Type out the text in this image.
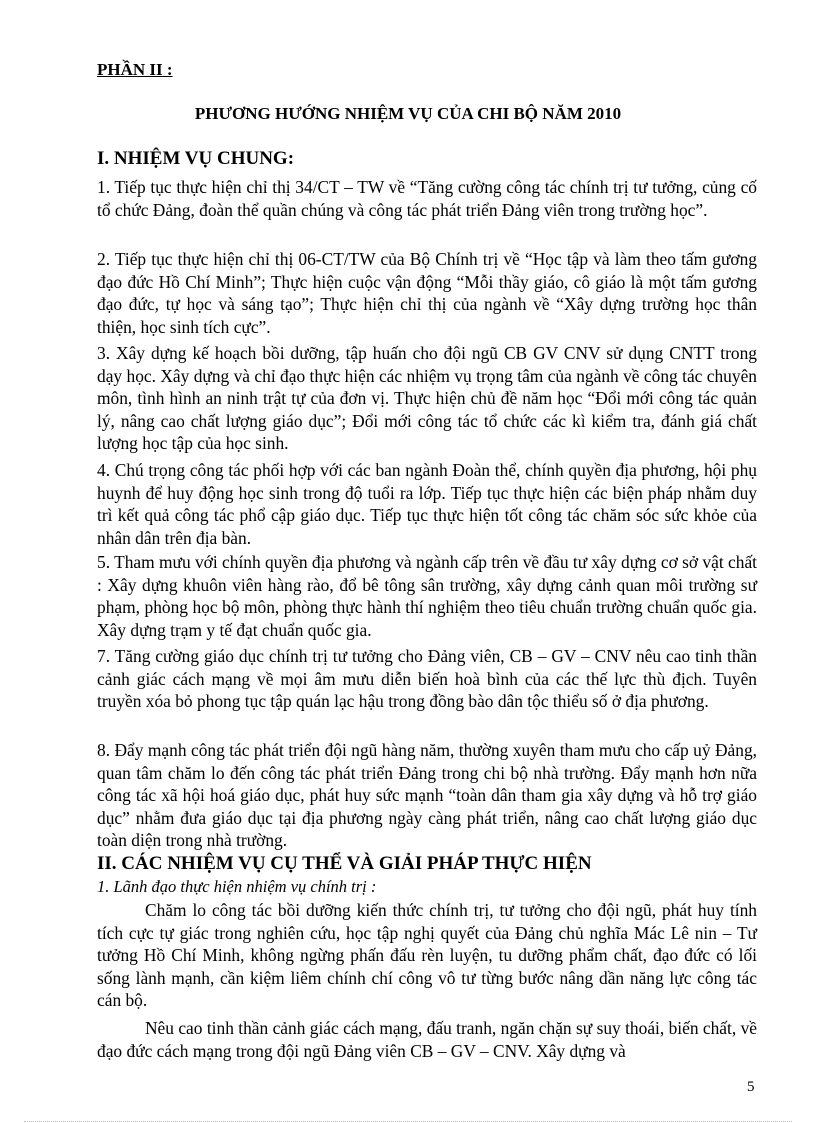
PHẦN II :
PHƯƠNG HƯỚNG NHIỆM VỤ CỦA CHI BỘ NĂM 2010
I. NHIỆM VỤ CHUNG:

1. Tiếp tục thực hiện chỉ thị 34/CT – TW về “Tăng cường công tác chính trị tư tưởng, củng cố tổ chức Đảng, đoàn thể quần chúng và công tác phát triển Đảng viên trong trường học”.

2. Tiếp tục thực hiện chỉ thị 06-CT/TW của Bộ Chính trị về “Học tập và làm theo tấm gương đạo đức Hồ Chí Minh”; Thực hiện cuộc vận động “Mỗi thầy giáo, cô giáo là một tấm gương đạo đức, tự học và sáng tạo”; Thực hiện chỉ thị của ngành về “Xây dựng trường học thân thiện, học sinh tích cực”.

3. Xây dựng kế hoạch bồi dưỡng, tập huấn cho đội ngũ CB GV CNV sử dụng CNTT trong dạy học. Xây dựng và chỉ đạo thực hiện các nhiệm vụ trọng tâm của ngành về công tác chuyên môn, tình hình an ninh trật tự của đơn vị. Thực hiện chủ đề năm học “Đổi mới công tác quản lý, nâng cao chất lượng giáo dục”; Đổi mới công tác tổ chức các kì kiểm tra, đánh giá chất lượng học tập của học sinh.

4. Chú trọng công tác phối hợp với các ban ngành Đoàn thể, chính quyền địa phương, hội phụ huynh để huy động học sinh trong độ tuổi ra lớp. Tiếp tục thực hiện các biện pháp nhằm duy trì kết quả công tác phổ cập giáo dục. Tiếp tục thực hiện tốt công tác chăm sóc sức khỏe của nhân dân trên địa bàn.

5. Tham mưu với chính quyền địa phương và ngành cấp trên về đầu tư xây dựng cơ sở vật chất : Xây dựng khuôn viên hàng rào, đổ bê tông sân trường, xây dựng cảnh quan môi trường sư phạm, phòng học bộ môn, phòng thực hành thí nghiệm theo tiêu chuẩn trường chuẩn quốc gia. Xây dựng trạm y tế đạt chuẩn quốc gia.

7. Tăng cường giáo dục chính trị tư tưởng cho Đảng viên, CB – GV – CNV nêu cao tinh thần cảnh giác cách mạng về mọi âm mưu diễn biến hoà bình của các thế lực thù địch. Tuyên truyền xóa bỏ phong tục tập quán lạc hậu trong đồng bào dân tộc thiểu số ở địa phương.

8. Đẩy mạnh công tác phát triển đội ngũ hàng năm, thường xuyên tham mưu cho cấp uỷ Đảng, quan tâm chăm lo đến công tác phát triển Đảng trong chi bộ nhà trường. Đẩy mạnh hơn nữa công tác xã hội hoá giáo dục, phát huy sức mạnh “toàn dân tham gia xây dựng và hỗ trợ giáo dục” nhằm đưa giáo dục tại địa phương ngày càng phát triển, nâng cao chất lượng giáo dục toàn diện trong nhà trường.

II. CÁC NHIỆM VỤ CỤ THỂ VÀ GIẢI PHÁP THỰC HIỆN
1. Lãnh đạo thực hiện nhiệm vụ chính trị :

Chăm lo công tác bồi dưỡng kiến thức chính trị, tư tưởng cho đội ngũ, phát huy tính tích cực tự giác trong nghiên cứu, học tập nghị quyết của Đảng chủ nghĩa Mác Lê nin – Tư tưởng Hồ Chí Minh, không ngừng phấn đấu rèn luyện, tu dưỡng phẩm chất, đạo đức có lối sống lành mạnh, cần kiệm liêm chính chí công vô tư từng bước nâng dần năng lực công tác cán bộ.

Nêu cao tinh thần cảnh giác cách mạng, đấu tranh, ngăn chặn sự suy thoái, biến chất, về đạo đức cách mạng trong đội ngũ Đảng viên CB – GV – CNV. Xây dựng và

5
